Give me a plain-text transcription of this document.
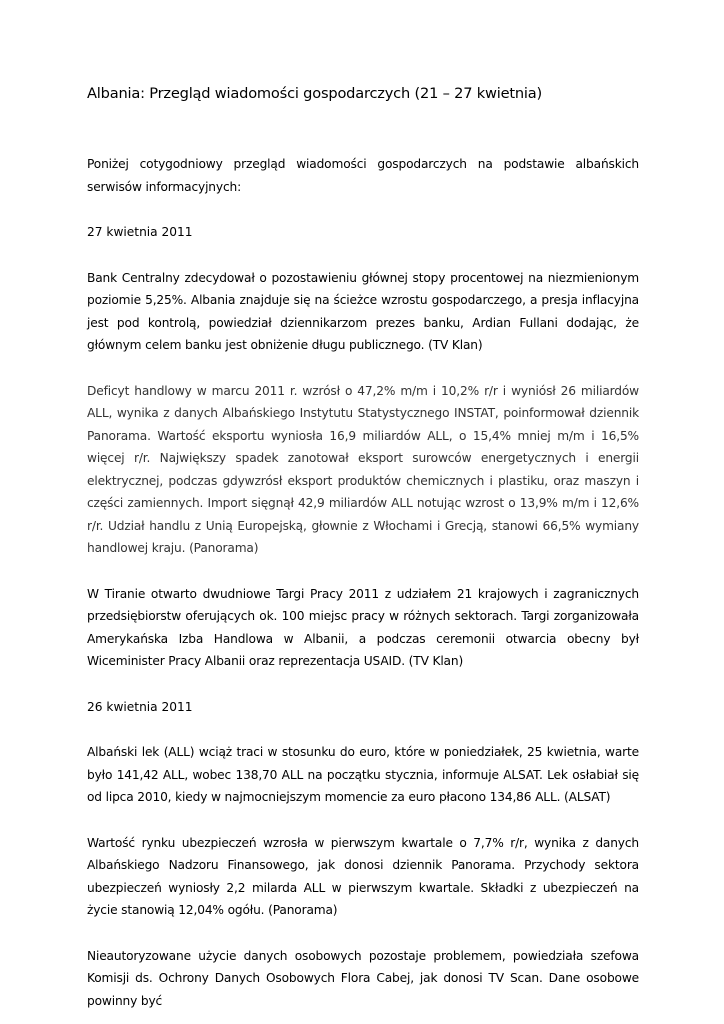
Albania: Przegląd wiadomości gospodarczych (21 – 27 kwietnia)

Poniżej cotygodniowy przegląd wiadomości gospodarczych na podstawie albańskich serwisów informacyjnych:

27 kwietnia 2011

Bank Centralny zdecydował o pozostawieniu głównej stopy procentowej na niezmienionym poziomie 5,25%. Albania znajduje się na ścieżce wzrostu gospodarczego, a presja inflacyjna jest pod kontrolą, powiedział dziennikarzom prezes banku, Ardian Fullani dodając, że głównym celem banku jest obniżenie długu publicznego. (TV Klan)

Deficyt handlowy w marcu 2011 r. wzrósł o 47,2% m/m i 10,2% r/r i wyniósł 26 miliardów ALL, wynika z danych Albańskiego Instytutu Statystycznego INSTAT, poinformował dziennik Panorama. Wartość eksportu wyniosła 16,9 miliardów ALL, o 15,4% mniej m/m i 16,5% więcej r/r. Największy spadek zanotował eksport surowców energetycznych i energii elektrycznej, podczas gdywzrósł eksport produktów chemicznych i plastiku, oraz maszyn i części zamiennych. Import sięgnął 42,9 miliardów ALL notując wzrost o 13,9% m/m i 12,6% r/r. Udział handlu z Unią Europejską, głownie z Włochami i Grecją, stanowi 66,5% wymiany handlowej kraju. (Panorama)

W Tiranie otwarto dwudniowe Targi Pracy 2011 z udziałem 21 krajowych i zagranicznych przedsiębiorstw oferujących ok. 100 miejsc pracy w różnych sektorach. Targi zorganizowała Amerykańska Izba Handlowa w Albanii, a podczas ceremonii otwarcia obecny był Wiceminister Pracy Albanii oraz reprezentacja USAID. (TV Klan)

26 kwietnia 2011

Albański lek (ALL) wciąż traci w stosunku do euro, które w poniedziałek, 25 kwietnia, warte było 141,42 ALL, wobec 138,70 ALL na początku stycznia, informuje ALSAT. Lek osłabiał się od lipca 2010, kiedy w najmocniejszym momencie za euro płacono 134,86 ALL. (ALSAT)

Wartość rynku ubezpieczeń wzrosła w pierwszym kwartale o 7,7% r/r, wynika z danych Albańskiego Nadzoru Finansowego, jak donosi dziennik Panorama. Przychody sektora ubezpieczeń wyniosły 2,2 milarda ALL w pierwszym kwartale. Składki z ubezpieczeń na życie stanowią 12,04% ogółu. (Panorama)

Nieautoryzowane użycie danych osobowych pozostaje problemem, powiedziała szefowa Komisji ds. Ochrony Danych Osobowych Flora Cabej, jak donosi TV Scan. Dane osobowe powinny być
